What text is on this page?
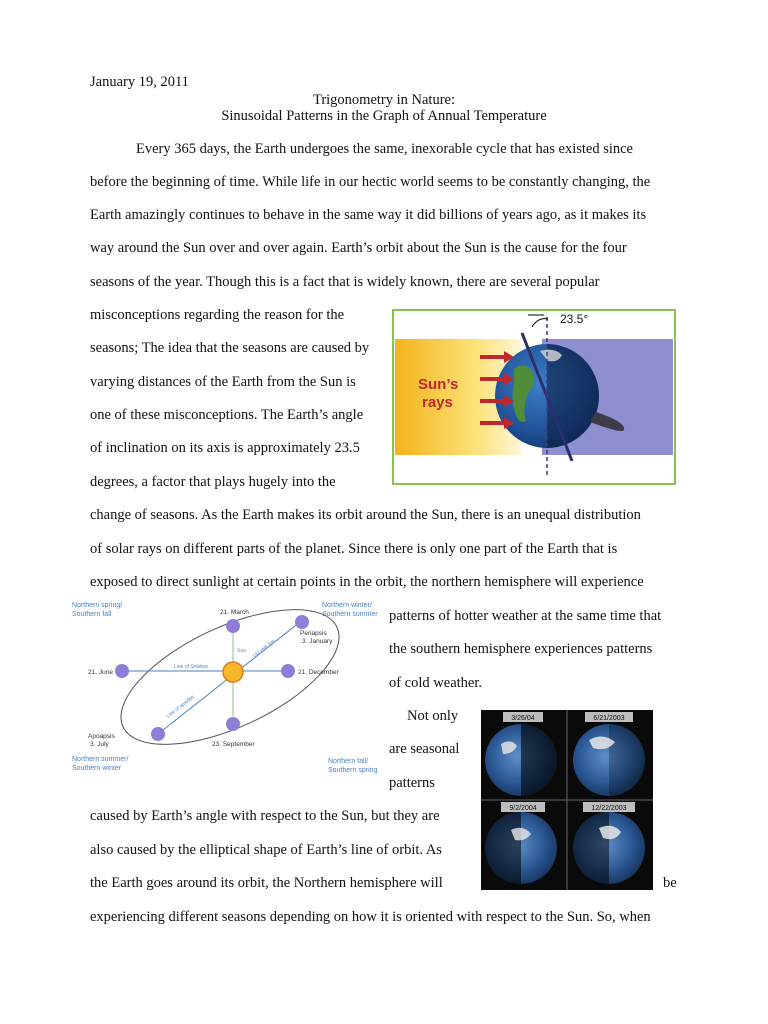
January 19, 2011
Trigonometry in Nature:
Sinusoidal Patterns in the Graph of Annual Temperature
Every 365 days, the Earth undergoes the same, inexorable cycle that has existed since
before the beginning of time. While life in our hectic world seems to be constantly changing, the
Earth amazingly continues to behave in the same way it did billions of years ago, as it makes its
way around the Sun over and over again. Earth’s orbit about the Sun is the cause for the four
seasons of the year. Though this is a fact that is widely known, there are several popular
misconceptions regarding the reason for the
seasons; The idea that the seasons are caused by
varying distances of the Earth from the Sun is
one of these misconceptions. The Earth’s angle
of inclination on its axis is approximately 23.5
degrees, a factor that plays hugely into the
change of seasons. As the Earth makes its orbit around the Sun, there is an unequal distribution
of solar rays on different parts of the planet. Since there is only one part of the Earth that is
exposed to direct sunlight at certain points in the orbit, the northern hemisphere will experience
patterns of hotter weather at the same time that
the southern hemisphere experiences patterns
of cold weather.
Not only
are seasonal
patterns
caused by Earth’s angle with respect to the Sun, but they are
also caused by the elliptical shape of Earth’s line of orbit. As
the Earth goes around its orbit, the Northern hemisphere will	be
experiencing different seasons depending on how it is oriented with respect to the Sun. So, when
23.5°
Sun’s
rays
Northern spring/
Southern fall
Northern winter/
Southern summer
Northern summer/
Southern winter
Northern fall/
Southern spring
21. March
21. June	21. December
23. September
Periapsis
3. January
Apoapsis
3. July
Sun
Line of Solstice
Line of apsides
147 mill. km
3/26/04	6/21/2003
9/2/2004	12/22/2003
